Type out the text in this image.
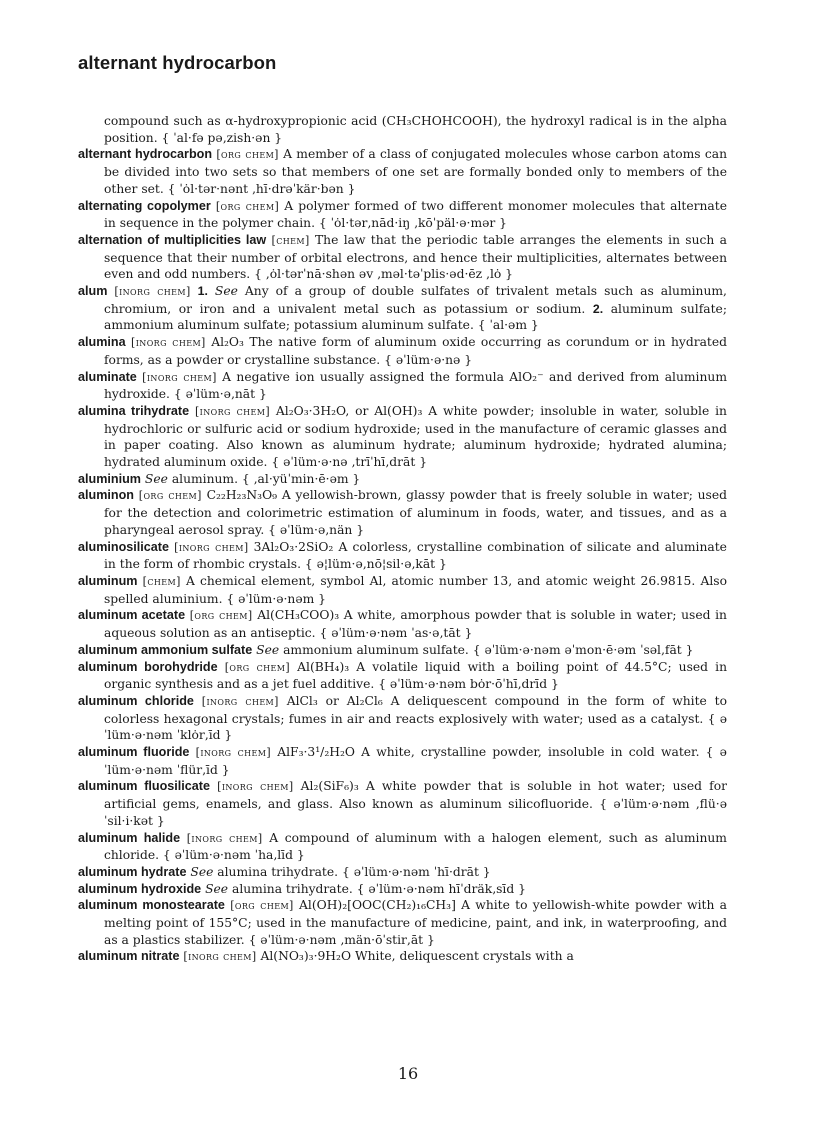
alternant hydrocarbon

compound such as α-hydroxypropionic acid (CH₃CHOHCOOH), the hydroxyl radical is in the alpha position. { ˈal·fə pə‚zish·ən }

alternant hydrocarbon [org chem] A member of a class of conjugated molecules whose carbon atoms can be divided into two sets so that members of one set are formally bonded only to members of the other set. { ˈȯl·tər·nənt ‚hī·drəˈkär·bən }

alternating copolymer [org chem] A polymer formed of two different monomer molecules that alternate in sequence in the polymer chain. { ˈȯl·tər‚nād·iŋ ‚kōˈpäl·ə·mər }

alternation of multiplicities law [chem] The law that the periodic table arranges the elements in such a sequence that their number of orbital electrons, and hence their multiplicities, alternates between even and odd numbers. { ‚ȯl·tərˈnā·shən əv ‚məl·təˈplis·əd·ēz ‚lȯ }

alum [inorg chem] 1. See Any of a group of double sulfates of trivalent metals such as aluminum, chromium, or iron and a univalent metal such as potassium or sodium. 2. aluminum sulfate; ammonium aluminum sulfate; potassium aluminum sulfate. { ˈal·əm }

alumina [inorg chem] Al₂O₃ The native form of aluminum oxide occurring as corundum or in hydrated forms, as a powder or crystalline substance. { əˈlüm·ə·nə }

aluminate [inorg chem] A negative ion usually assigned the formula AlO₂⁻ and derived from aluminum hydroxide. { əˈlüm·ə‚nāt }

alumina trihydrate [inorg chem] Al₂O₃·3H₂O, or Al(OH)₃ A white powder; insoluble in water, soluble in hydrochloric or sulfuric acid or sodium hydroxide; used in the manufacture of ceramic glasses and in paper coating. Also known as aluminum hydrate; aluminum hydroxide; hydrated alumina; hydrated aluminum oxide. { əˈlüm·ə·nə ‚trīˈhī‚drāt }

aluminium See aluminum. { ‚al·yüˈmin·ē·əm }

aluminon [org chem] C₂₂H₂₃N₃O₉ A yellowish-brown, glassy powder that is freely soluble in water; used for the detection and colorimetric estimation of aluminum in foods, water, and tissues, and as a pharyngeal aerosol spray. { əˈlüm·ə‚nän }

aluminosilicate [inorg chem] 3Al₂O₃·2SiO₂ A colorless, crystalline combination of silicate and aluminate in the form of rhombic crystals. { ə¦lüm·ə‚nō¦sil·ə‚kāt }

aluminum [chem] A chemical element, symbol Al, atomic number 13, and atomic weight 26.9815. Also spelled aluminium. { əˈlüm·ə·nəm }

aluminum acetate [org chem] Al(CH₃COO)₃ A white, amorphous powder that is soluble in water; used in aqueous solution as an antiseptic. { əˈlüm·ə·nəm ˈas·ə‚tāt }

aluminum ammonium sulfate See ammonium aluminum sulfate. { əˈlüm·ə·nəm əˈmon·ē·əm ˈsəl‚fāt }

aluminum borohydride [org chem] Al(BH₄)₃ A volatile liquid with a boiling point of 44.5°C; used in organic synthesis and as a jet fuel additive. { əˈlüm·ə·nəm bȯr·ōˈhī‚drīd }

aluminum chloride [inorg chem] AlCl₃ or Al₂Cl₆ A deliquescent compound in the form of white to colorless hexagonal crystals; fumes in air and reacts explosively with water; used as a catalyst. { əˈlüm·ə·nəm ˈklȯr‚īd }

aluminum fluoride [inorg chem] AlF₃·3¹/₂H₂O A white, crystalline powder, insoluble in cold water. { əˈlüm·ə·nəm ˈflür‚īd }

aluminum fluosilicate [inorg chem] Al₂(SiF₆)₃ A white powder that is soluble in hot water; used for artificial gems, enamels, and glass. Also known as aluminum silicofluoride. { əˈlüm·ə·nəm ‚flü·əˈsil·i·kət }

aluminum halide [inorg chem] A compound of aluminum with a halogen element, such as aluminum chloride. { əˈlüm·ə·nəm ˈha‚līd }

aluminum hydrate See alumina trihydrate. { əˈlüm·ə·nəm ˈhī·drāt }

aluminum hydroxide See alumina trihydrate. { əˈlüm·ə·nəm hīˈdräk‚sīd }

aluminum monostearate [org chem] Al(OH)₂[OOC(CH₂)₁₆CH₃] A white to yellowish-white powder with a melting point of 155°C; used in the manufacture of medicine, paint, and ink, in waterproofing, and as a plastics stabilizer. { əˈlüm·ə·nəm ‚män·ōˈstir‚āt }

aluminum nitrate [inorg chem] Al(NO₃)₃·9H₂O White, deliquescent crystals with a

16
